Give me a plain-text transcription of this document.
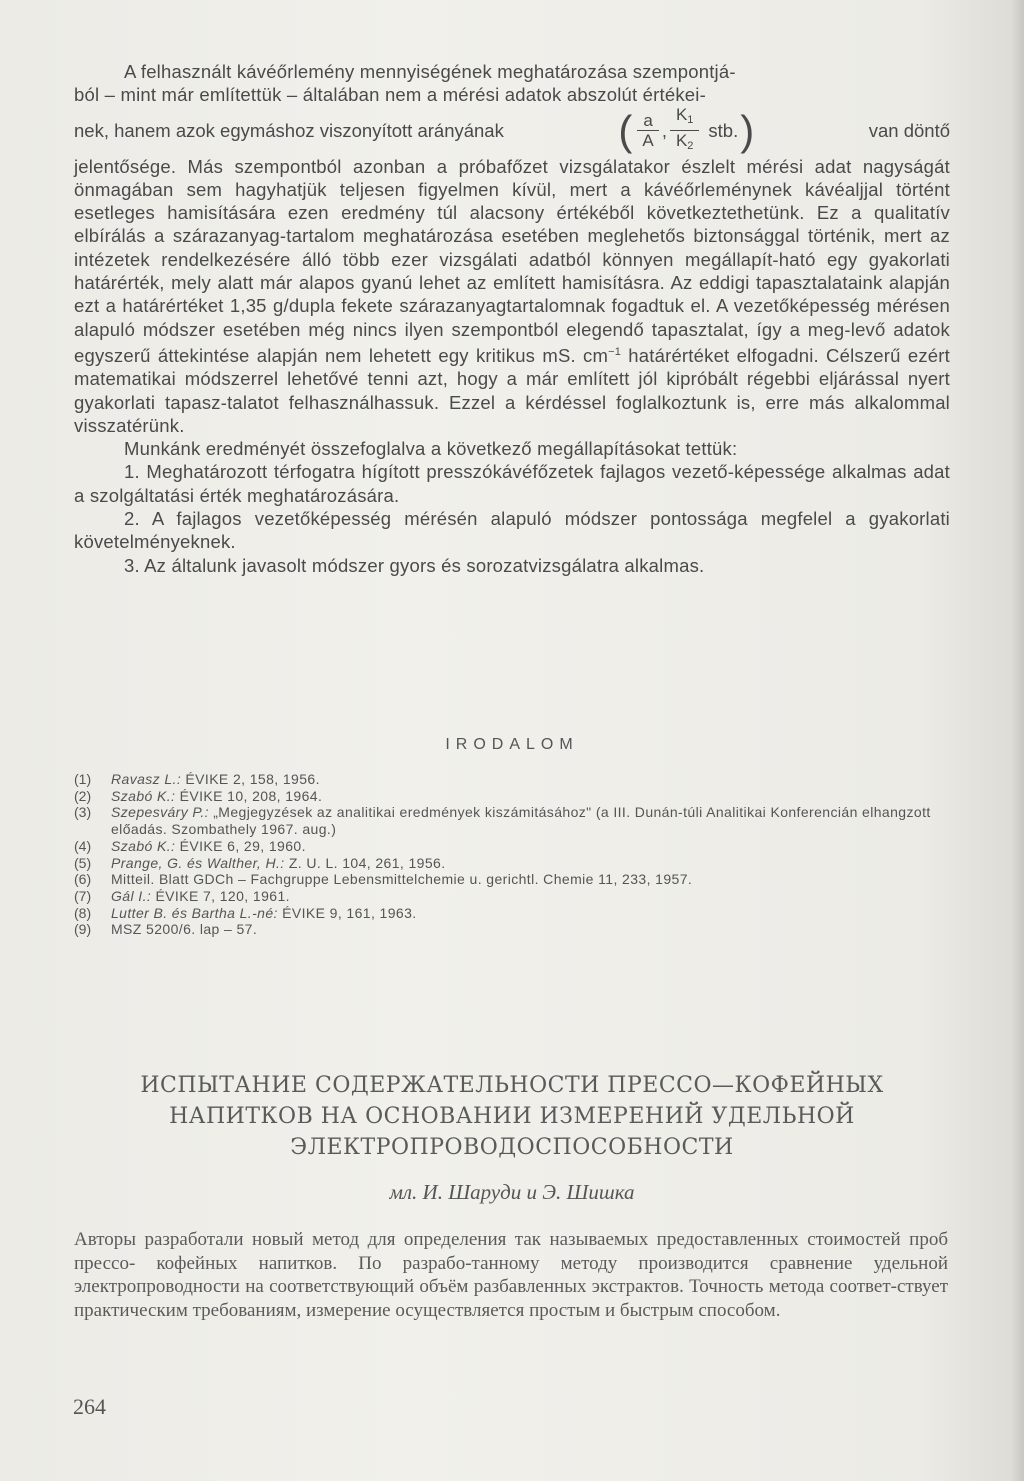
A felhasznált kávéőrlemény mennyiségének meghatározása szempontjá-

ból – mint már említettük – általában nem a mérési adatok abszolút értékei-

nek, hanem azok egymáshoz viszonyított arányának	( $\frac{a}{A}$ , $\frac{K_1}{K_2}$ stb. )	van döntő

jelentősége. Más szempontból azonban a próbafőzet vizsgálatakor észlelt mérési adat nagyságát önmagában sem hagyhatjük teljesen figyelmen kívül, mert a kávéőrleménynek kávéaljjal történt esetleges hamisítására ezen eredmény túl alacsony értékéből következtethetünk. Ez a qualitatív elbírálás a szárazanyag-tartalom meghatározása esetében meglehetős biztonsággal történik, mert az intézetek rendelkezésére álló több ezer vizsgálati adatból könnyen megállapít-ható egy gyakorlati határérték, mely alatt már alapos gyanú lehet az említett hamisításra. Az eddigi tapasztalataink alapján ezt a határértéket 1,35 g/dupla fekete szárazanyagtartalomnak fogadtuk el. A vezetőképesség mérésen alapuló módszer esetében még nincs ilyen szempontból elegendő tapasztalat, így a meg-levő adatok egyszerű áttekintése alapján nem lehetett egy kritikus mS. $cm^{-1}$ határértéket elfogadni. Célszerű ezért matematikai módszerrel lehetővé tenni azt, hogy a már említett jól kipróbált régebbi eljárással nyert gyakorlati tapasz-talatot felhasználhassuk. Ezzel a kérdéssel foglalkoztunk is, erre más alkalommal visszatérünk.

Munkánk eredményét összefoglalva a következő megállapításokat tettük:

1. Meghatározott térfogatra hígított presszókávéfőzetek fajlagos vezető-képessége alkalmas adat a szolgáltatási érték meghatározására.

2. A fajlagos vezetőképesség mérésén alapuló módszer pontossága megfelel a gyakorlati követelményeknek.

3. Az általunk javasolt módszer gyors és sorozatvizsgálatra alkalmas.

IRODALOM
(1)	Ravasz L.: ÉVIKE 2, 158, 1956.
(2)	Szabó K.: ÉVIKE 10, 208, 1964.
(3)	Szepesváry P.: „Megjegyzések az analitikai eredmények kiszámitásához" (a III. Dunán-túli Analitikai Konferencián elhangzott előadás. Szombathely 1967. aug.)
(4)	Szabó K.: ÉVIKE 6, 29, 1960.
(5)	Prange, G. és Walther, H.: Z. U. L. 104, 261, 1956.
(6)	Mitteil. Blatt GDCh – Fachgruppe Lebensmittelchemie u. gerichtl. Chemie 11, 233, 1957.
(7)	Gál I.: ÉVIKE 7, 120, 1961.
(8)	Lutter B. és Bartha L.-né: ÉVIKE 9, 161, 1963.
(9)	MSZ 5200/6. lap – 57.
ИСПЫТАНИЕ СОДЕРЖАТЕЛЬНОСТИ ПРЕССО—КОФЕЙНЫХ НАПИТКОВ НА ОСНОВАНИИ ИЗМЕРЕНИЙ УДЕЛЬНОЙ ЭЛЕКТРОПРОВОДОСПОСОБНОСТИ
мл. И. Шаруди и Э. Шишка
Авторы разработали новый метод для определения так называемых предоставленных стоимостей проб прессо- кофейных напитков. По разрабо-танному методу производится сравнение удельной электропроводности на соответствующий объём разбавленных экстрактов. Точность метода соответ-ствует практическим требованиям, измерение осуществляется простым и быстрым способом.
264
